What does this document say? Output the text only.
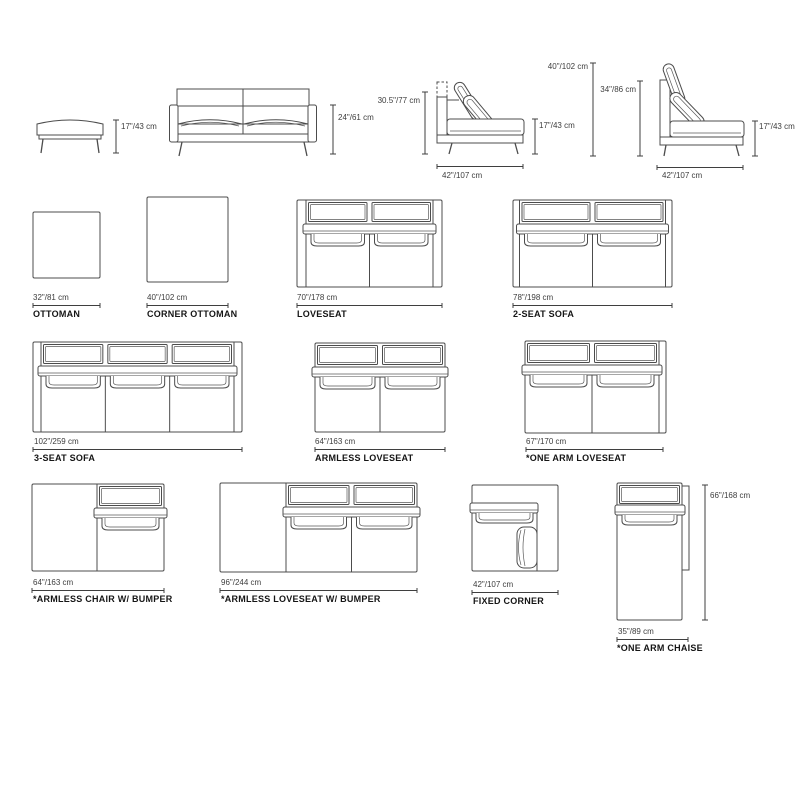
17"/43 cm
24"/61 cm
30.5"/77 cm
17"/43 cm
42"/107 cm
40"/102 cm
34"/86 cm
17"/43 cm
42"/107 cm
32"/81 cm	40"/102 cm	70"/178 cm	78"/198 cm
102"/259 cm	64"/163 cm	67"/170 cm
64"/163 cm	96"/244 cm	42"/107 cm
66"/168 cm
35"/89 cm
OTTOMAN	CORNER OTTOMAN	LOVESEAT	2-SEAT SOFA
3-SEAT SOFA	ARMLESS LOVESEAT	*ONE ARM LOVESEAT
*ARMLESS CHAIR W/ BUMPER	*ARMLESS LOVESEAT W/ BUMPER	FIXED CORNER
*ONE ARM CHAISE
